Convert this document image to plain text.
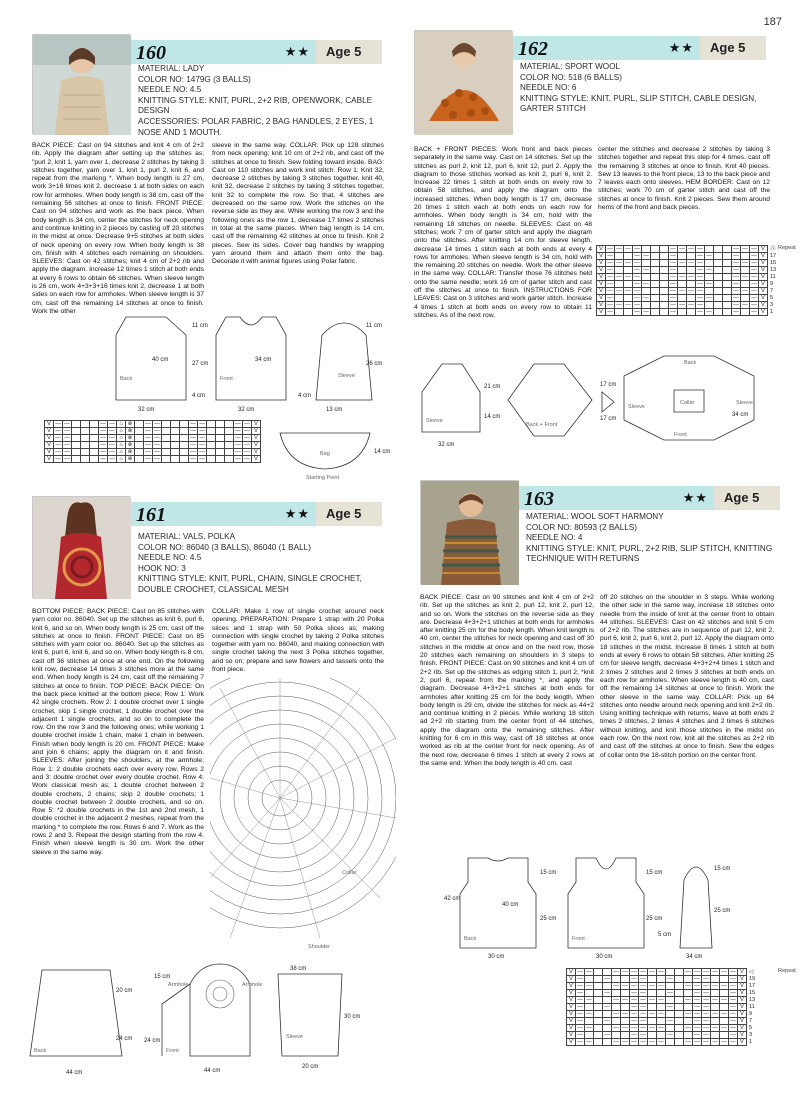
187
160	★★	Age 5
MATERIAL: LADY
COLOR NO: 1479G (3 BALLS)
NEEDLE NO: 4.5
KNITTING STYLE: KNIT, PURL, 2+2 RIB, OPENWORK, CABLE DESIGN
ACCESSORIES: POLAR FABRIC, 2 BAG HANDLES, 2 EYES, 1 NOSE AND 1 MOUTH.

BACK PIECE: Cast on 94 stitches and knit 4 cm of 2+2 rib. Apply the diagram after setting up the stitches as; "purl 2, knit 1, yarn over 1, decrease 2 stitches by taking 3 stitches together, yarn over 1, knit 1, purl 2, knit 6, and repeat from the marking *. When body length is 27 cm, work 3+16 times knit 2, decrease 1 at both sides on each row for armholes. When body length is 38 cm, cast off the remaining 56 stitches at once to finish. FRONT PIECE: Cast on 94 stitches and work as the back piece. When body length is 34 cm, center the stitches for neck opening and continue knitting in 2 pieces by casting off 20 stitches in the midst at once. Decrease 9+5 stitches at both sides of neck opening on every row. When body length is 38 cm, finish with 4 stitches each remaining on shoulders. SLEEVES: Cast on 42 stitches; knit 4 cm of 2+2 rib and apply the diagram. Increase 12 times 1 stitch at both ends at every 6 rows to obtain 66 stitches. When sleeve length is 26 cm, work 4+3+3+16 times knit 2, decrease 1 at both sides on each row for armholes. When sleeve length is 37 cm, cast off the remaining 14 stitches at once to finish. Work the other

sleeve in the same way. COLLAR: Pick up 128 stitches from neck opening; knit 10 cm of 2+2 rib, and cast off the stitches at once to finish. Sew folding toward inside. BAG: Cast on 110 stitches and work knit stitch. Row 1: Knit 32, decrease 2 stitches by taking 3 stitches together, knit 40, knit 32, decrease 2 stitches by taking 3 stitches together, knit 32 to complete the row. So that, 4 stitches are decreased on the same row. Work the stitches on the reverse side as they are. While working the row 3 and the following ones as the row 1, decrease 17 times 2 stitches in total at the same places. When bag length is 14 cm, cast off the remaining 42 stitches at once to finish. Knit 2 pieces. Sew its sides. Cover bag handles by wrapping yarn around them and attach them onto the bag. Decorate it with animal figures using Polar fabric.

Back	Front	Sleeve
11 cm
40 cm
27 cm
34 cm
4 cm
32 cm	32 cm	13 cm
11 cm
26 cm
4 cm
V	—	—				—	—	⌂	⊗		—	—				—	—				—	—	V
V	—	—				—	—	⌂	⊗		—	—				—	—				—	—	V
V	—	—				—	—	⌂	⊗		—	—				—	—				—	—	V
V	—	—				—	—	⌂	⊗		—	—				—	—				—	—	V
V	—	—				—	—	⌂	⊗		—	—				—	—				—	—	V
V	—	—				—	—	⌂	⊗		—	—				—	—				—	—	V
Bag	14 cm
Starting Point
162	★★	Age 5
MATERIAL: SPORT WOOL
COLOR NO: 518 (6 BALLS)
NEEDLE NO: 6
KNITTING STYLE: KNIT, PURL, SLIP STITCH, CABLE DESIGN, GARTER STITCH

BACK + FRONT PIECES: Work front and back pieces separately in the same way. Cast on 14 stitches. Set up the stitches as purl 2, knit 12, purl 6, knit 12, purl 2. Apply the diagram to those stitches worked as knit 2, purl 6, knit 2. Increase 22 times 1 stitch at both ends on every row to obtain 58 stitches, and apply the diagram onto the increased stitches. When body length is 17 cm, decrease 20 times 1 stitch each at both ends on each row for armholes. When body length is 34 cm, hold with the remaining 18 stitches on needle. SLEEVES: Cast on 48 stitches; work 7 cm of garter stitch and apply the diagram onto the stitches. After knitting 14 cm for sleeve length, decrease 14 times 1 stitch each at both ends at every 4 rows for armholes. When sleeve length is 34 cm, hold with the remaining 20 stitches on needle. Work the other sleeve in the same way. COLLAR: Transfer those 76 stitches held onto the same needle; work 16 cm of garter stitch and cast off the stitches at once to finish. INSTRUCTIONS FOR LEAVES: Cast on 3 stitches and work garter stitch. Increase 4 times 1 stitch at both ends on every row to obtain 11 stitches. As of the next row,

center the stitches and decrease 2 stitches by taking 3 stitches together and repeat this step for 4 times. cast off the remaining 3 stitches at once to finish. Knit 40 pieces. Sew 13 leaves to the front piece, 13 to the back piece and 7 leaves each onto sleeves. HEM BORDER: Cast on 12 stitches; work 70 cm of garter stitch and cast off the stitches at once to finish. Knit 2 pieces. Sew them around hems of the front and back pieces.

V	—	—	—	—				—	—	—	—				—	—	—	V	Ⓐ
V	—			—	—			—			—	—			—		—	V	17
V	—	—	—	—				—	—	—	—				—	—	—	V	15
V	—			—	—			—			—	—			—		—	V	13
V	—	—	—	—				—	—	—	—				—	—	—	V	11
V	—			—	—			—			—	—			—		—	V	9
V	—	—	—	—				—	—	—	—				—	—	—	V	7
V	—			—	—			—			—	—			—		—	V	5
V	—	—	—	—				—	—	—	—				—	—	—	V	3
V	—			—	—			—			—	—			—		—	V	1
Sleeve
Back + Front
Back
Sleeve
Sleeve
Collar
Front
21 cm
14 cm
32 cm
17 cm
17 cm
34 cm
161	★★	Age 5
MATERIAL: VALS, POLKA
COLOR NO: 86040 (3 BALLS), 86040 (1 BALL)
NEEDLE NO: 4.5
HOOK NO: 3
KNITTING STYLE: KNIT, PURL, CHAIN, SINGLE CROCHET, DOUBLE CROCHET, CLASSICAL MESH

BOTTOM PIECE: BACK PIECE: Cast on 85 stitches with yarn color no. 86040. Set up the stitches as knit 6, purl 6, knit 6, and so on. When body length is 25 cm, cast off the stitches at once to finish. FRONT PIECE: Cast on 85 stitches with yarn color no. 86040. Set up the stitches as knit 6, purl 6, knit 6, and so on. When body length is 8 cm, cast off 36 stitches at once at one end. On the following knit row, decrease 14 times 3 stitches more at the same end. When body length is 24 cm, cast off the remaining 7 stitches at once to finish. TOP PIECE: BACK PIECE: On the back piece knitted at the bottom piece; Row 1: Work 42 single crochets. Row 2: 1 double crochet over 1 single crochet, skip 1 single crochet, 1 double crochet over the adjacent 1 single crochets, and so on to complete the row. On the row 3 and the following ones; while working 1 double crochet inside 1 chain, make 1 chain in between. Finish when body length is 20 cm. FRONT PIECE: Make and join 6 chains; apply the diagram on it and finish. SLEEVES: After joining the shoulders, at the armhole; Row 1: 2 double crochets each over every row. Rows 2 and 3: double crochet over every double crochet. Row 4: Work classical mesh as; 1 double crochet between 2 double crochets, 2 chains; skip 2 double crochets; 1 double crochet between 2 double crochets, and so on. Row 5: *2 double crochets in the 1st and 2nd mesh, 1 double crochet in the adjacent 2 meshes, repeat from the marking * to complete the row. Rows 6 and 7. Work as the rows 2 and 3. Repeat the design starting from the row 4. Finish when sleeve length is 30 cm. Work the other sleeve in the same way.

COLLAR: Make 1 row of single crochet around neck opening. PREPARATION: Prepare 1 strap with 20 Polka slices and 1 strap with 50 Polka slices as; making connection with single crochet by taking 2 Polka stitches together with yarn no. 86040, and making connection with single crochet taking the next 3 Polka stitches together, and so on; prepare and sew flowers and tassels onto the front piece.

Collar
Shoulder
Back	Front
Sleeve
Armhole	Armhole
44 cm
20 cm
24 cm
15 cm
24 cm
44 cm
38 cm
30 cm
20 cm
163	★★	Age 5
MATERIAL: WOOL SOFT HARMONY
COLOR NO: 80593 (2 BALLS)
NEEDLE NO: 4
KNITTING STYLE: KNIT, PURL, 2+2 RIB, SLIP STITCH, KNITTING TECHNIQUE WITH RETURNS

BACK PIECE: Cast on 90 stitches and knit 4 cm of 2+2 rib. Set up the stitches as knit 2, purl 12, knit 2, purl 12, and so on. Work the stitches on the reverse side as they are. Decrease 4+3+2+1 stitches at both ends for armholes after knitting 25 cm for the body length. When knit length is 40 cm, center the stitches for neck opening and cast off 30 stitches in the middle at once and on the next row, those 20 stitches each remaining on shoulders in 3 steps to finish. FRONT PIECE: Cast on 90 stitches and knit 4 cm of 2+2 rib. Set up the stitches as edging stitch 1, purl 2, *knit 2, purl 6, repeat from the marking *, and apply the diagram. Decrease 4+3+2+1 stitches at both ends for armholes after knitting 25 cm for the body length. When body length is 29 cm, divide the stitches for neck as 44+2 and continue knitting in 2 pieces. While working 18 stitch ad 2+2 rib starting from the center front of 44 stitches, apply the diagram onto the remaining stitches. After knitting for 6 cm in this way, cast off 18 stitches at once worked as rib at the center front for neck opening. As of the next row, decrease 6 times 1 stitch at every 2 rows at the same end. When the body length is 40 cm, cast

off 20 stitches on the shoulder in 3 steps. While working the other side in the same way, increase 18 stitches onto needle from the inside of knit at the center front to obtain 44 stitches. SLEEVES: Cast on 42 stitches and knit 5 cm of 2+2 rib. The stitches are in sequence of purl 12, knit 2, purl 6, knit 2, purl 6, knit 2, purl 12. Apply the diagram onto 18 stitches in the midst. Increase 8 times 1 stitch at both ends at every 6 rows to obtain 58 stitches. After knitting 25 cm for sleeve length, decrease 4+3+2+4 times 1 stitch and 2 times 2 stitches and 2 times 3 stitches at both ends on each row for armholes. When sleeve length is 40 cm, cast off the remaining 14 stitches at once to finish. Work the other sleeve in the same way. COLLAR: Pick up 64 stitches onto needle around neck opening and knit 2+2 rib. Using knitting technique with returns, leave at both ends 2 times 2 stitches, 2 times 4 stitches and 2 times 6 stitches without knitting, and knit those stitches in the midst on each row. On the next row, knit all the stitches as 2+2 rib and cast off the stitches at once to finish. Sew the edges of collar onto the 18-stitch portion on the center front.

Back	Front
42 cm
40 cm
15 cm
25 cm
15 cm
25 cm
30 cm	30 cm
15 cm
25 cm
5 cm
34 cm
V	—	—			—	—	—	—	—	—			—	—	—	—	—	—	V	◁
V	—			—			—	—			—			—	—			—	V	19
V	—	—			—	—	—	—	—	—			—	—	—	—	—	—	V	17
V	—			—			—	—			—			—	—			—	V	15
V	—	—			—	—	—	—	—	—			—	—	—	—	—	—	V	13
V	—			—			—	—			—			—	—			—	V	11
V	—	—			—	—	—	—	—	—			—	—	—	—	—	—	V	9
V	—			—			—	—			—			—	—			—	V	7
V	—	—			—	—	—	—	—	—			—	—	—	—	—	—	V	5
V	—			—			—	—			—			—	—			—	V	3
V	—	—			—	—	—	—	—	—			—	—	—	—	—	—	V	1
Repeat
Repeat
